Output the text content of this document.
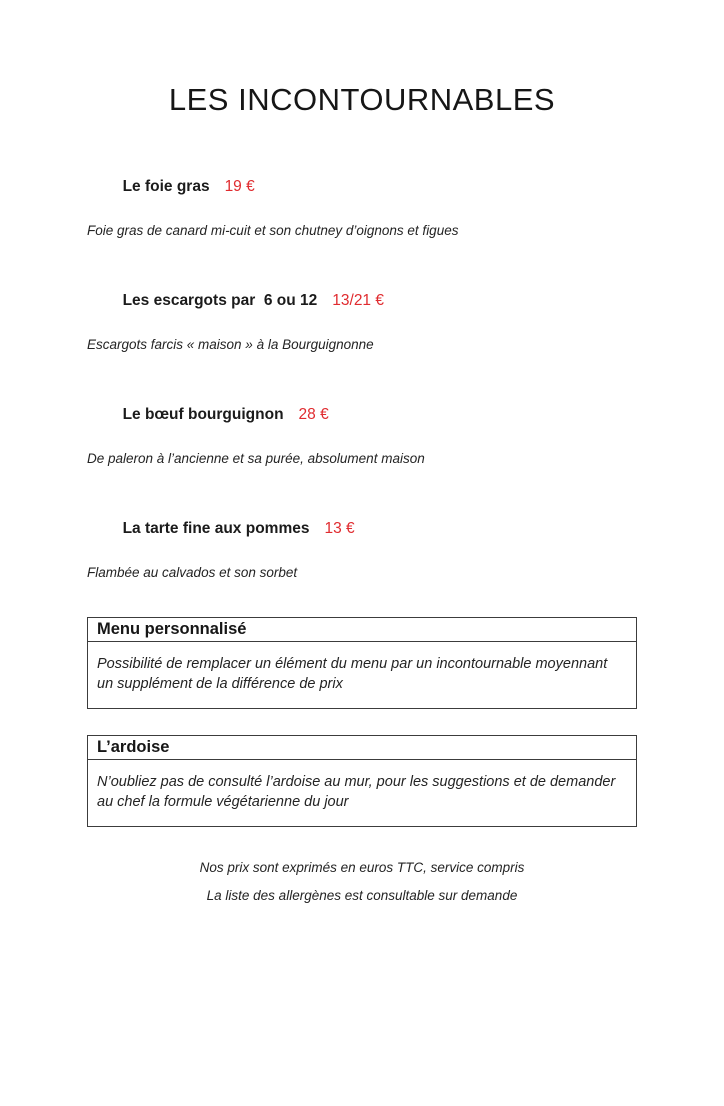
LES INCONTOURNABLES

Le foie gras 19 €

Foie gras de canard mi-cuit et son chutney d’oignons et figues

Les escargots par  6 ou 12 13/21 €

Escargots farcis « maison » à la Bourguignonne

Le bœuf bourguignon 28 €

De paleron à l’ancienne et sa purée, absolument maison

La tarte fine aux pommes 13 €

Flambée au calvados et son sorbet
Menu personnalisé
Possibilité de remplacer un élément du menu par un incontournable moyennant un supplément de la différence de prix
L’ardoise
N’oubliez pas de consulté l’ardoise au mur, pour les suggestions et de demander au chef la formule végétarienne du jour
Nos prix sont exprimés en euros TTC, service compris
La liste des allergènes est consultable sur demande
